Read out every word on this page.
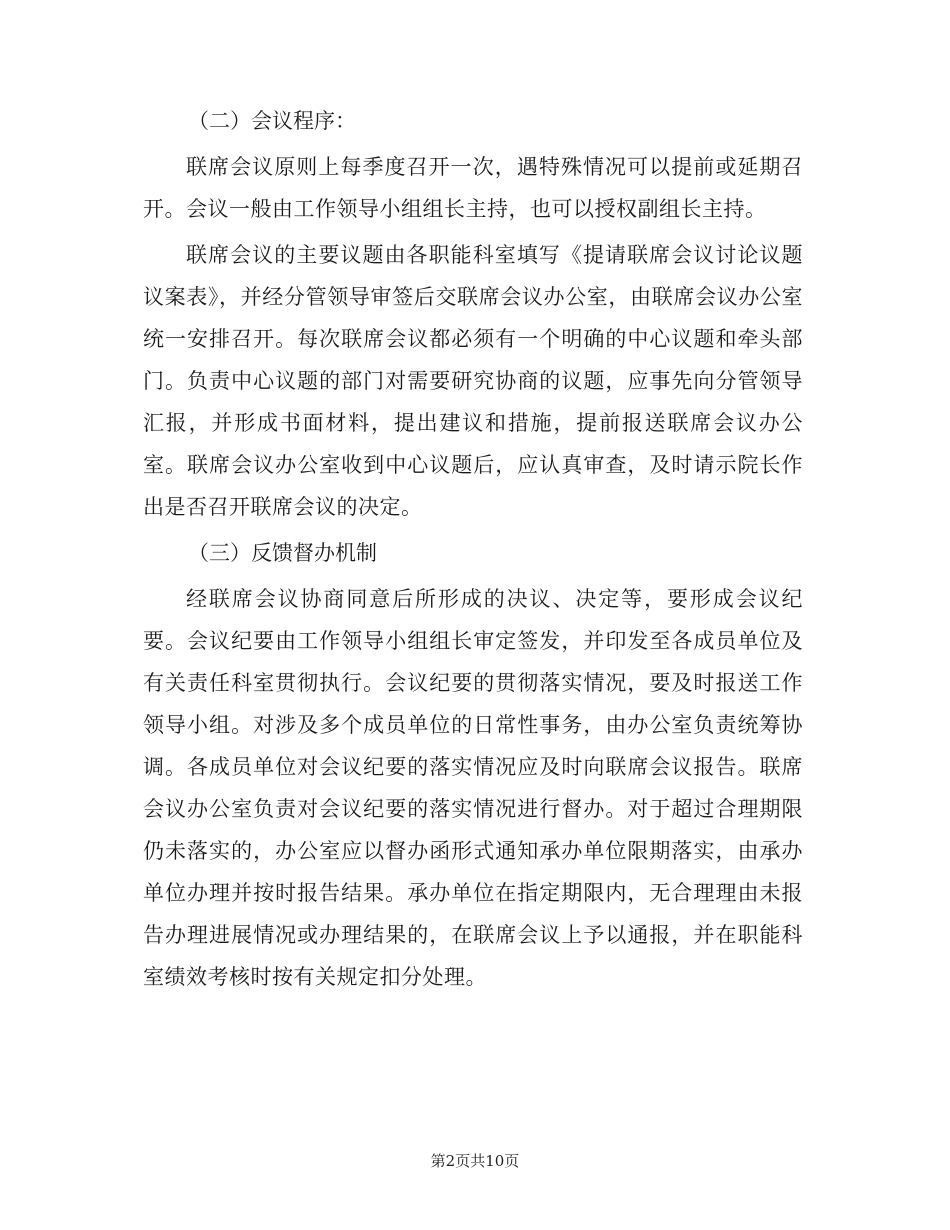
（二）会议程序：

联席会议原则上每季度召开一次，遇特殊情况可以提前或延期召开。会议一般由工作领导小组组长主持，也可以授权副组长主持。

联席会议的主要议题由各职能科室填写《提请联席会议讨论议题议案表》，并经分管领导审签后交联席会议办公室，由联席会议办公室统一安排召开。每次联席会议都必须有一个明确的中心议题和牵头部门。负责中心议题的部门对需要研究协商的议题，应事先向分管领导汇报，并形成书面材料，提出建议和措施，提前报送联席会议办公室。联席会议办公室收到中心议题后，应认真审查，及时请示院长作出是否召开联席会议的决定。

（三）反馈督办机制

经联席会议协商同意后所形成的决议、决定等，要形成会议纪要。会议纪要由工作领导小组组长审定签发，并印发至各成员单位及有关责任科室贯彻执行。会议纪要的贯彻落实情况，要及时报送工作领导小组。对涉及多个成员单位的日常性事务，由办公室负责统筹协调。各成员单位对会议纪要的落实情况应及时向联席会议报告。联席会议办公室负责对会议纪要的落实情况进行督办。对于超过合理期限仍未落实的，办公室应以督办函形式通知承办单位限期落实，由承办单位办理并按时报告结果。承办单位在指定期限内，无合理理由未报告办理进展情况或办理结果的，在联席会议上予以通报，并在职能科室绩效考核时按有关规定扣分处理。

第2页共10页
